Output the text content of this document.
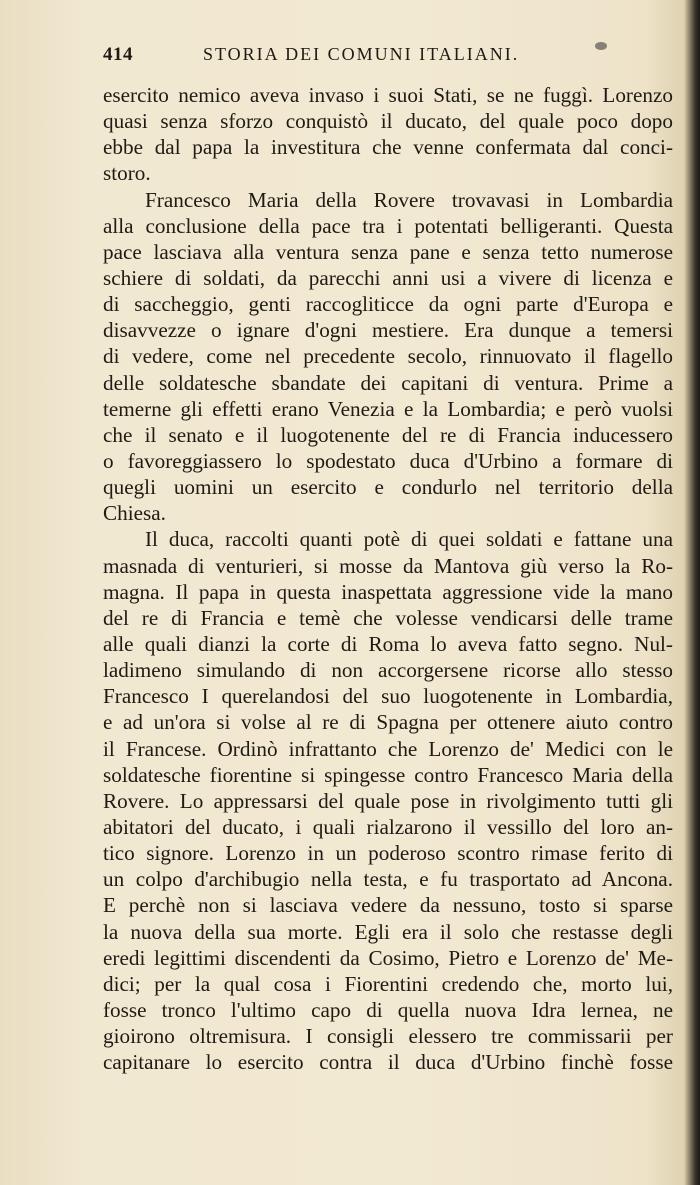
414	STORIA DEI COMUNI ITALIANI.
esercito nemico aveva invaso i suoi Stati, se ne fuggì. Lorenzo
quasi senza sforzo conquistò il ducato, del quale poco dopo
ebbe dal papa la investitura che venne confermata dal conci-
storo.
Francesco Maria della Rovere trovavasi in Lombardia
alla conclusione della pace tra i potentati belligeranti. Questa
pace lasciava alla ventura senza pane e senza tetto numerose
schiere di soldati, da parecchi anni usi a vivere di licenza e
di saccheggio, genti raccogliticce da ogni parte d'Europa e
disavvezze o ignare d'ogni mestiere. Era dunque a temersi
di vedere, come nel precedente secolo, rinnuovato il flagello
delle soldatesche sbandate dei capitani di ventura. Prime a
temerne gli effetti erano Venezia e la Lombardia; e però vuolsi
che il senato e il luogotenente del re di Francia inducessero
o favoreggiassero lo spodestato duca d'Urbino a formare di
quegli uomini un esercito e condurlo nel territorio della
Chiesa.
Il duca, raccolti quanti potè di quei soldati e fattane una
masnada di venturieri, si mosse da Mantova giù verso la Ro-
magna. Il papa in questa inaspettata aggressione vide la mano
del re di Francia e temè che volesse vendicarsi delle trame
alle quali dianzi la corte di Roma lo aveva fatto segno. Nul-
ladimeno simulando di non accorgersene ricorse allo stesso
Francesco I querelandosi del suo luogotenente in Lombardia,
e ad un'ora si volse al re di Spagna per ottenere aiuto contro
il Francese. Ordinò infrattanto che Lorenzo de' Medici con le
soldatesche fiorentine si spingesse contro Francesco Maria della
Rovere. Lo appressarsi del quale pose in rivolgimento tutti gli
abitatori del ducato, i quali rialzarono il vessillo del loro an-
tico signore. Lorenzo in un poderoso scontro rimase ferito di
un colpo d'archibugio nella testa, e fu trasportato ad Ancona.
E perchè non si lasciava vedere da nessuno, tosto si sparse
la nuova della sua morte. Egli era il solo che restasse degli
eredi legittimi discendenti da Cosimo, Pietro e Lorenzo de' Me-
dici; per la qual cosa i Fiorentini credendo che, morto lui,
fosse tronco l'ultimo capo di quella nuova Idra lernea, ne
gioirono oltremisura. I consigli elessero tre commissarii per
capitanare lo esercito contra il duca d'Urbino finchè fosse
